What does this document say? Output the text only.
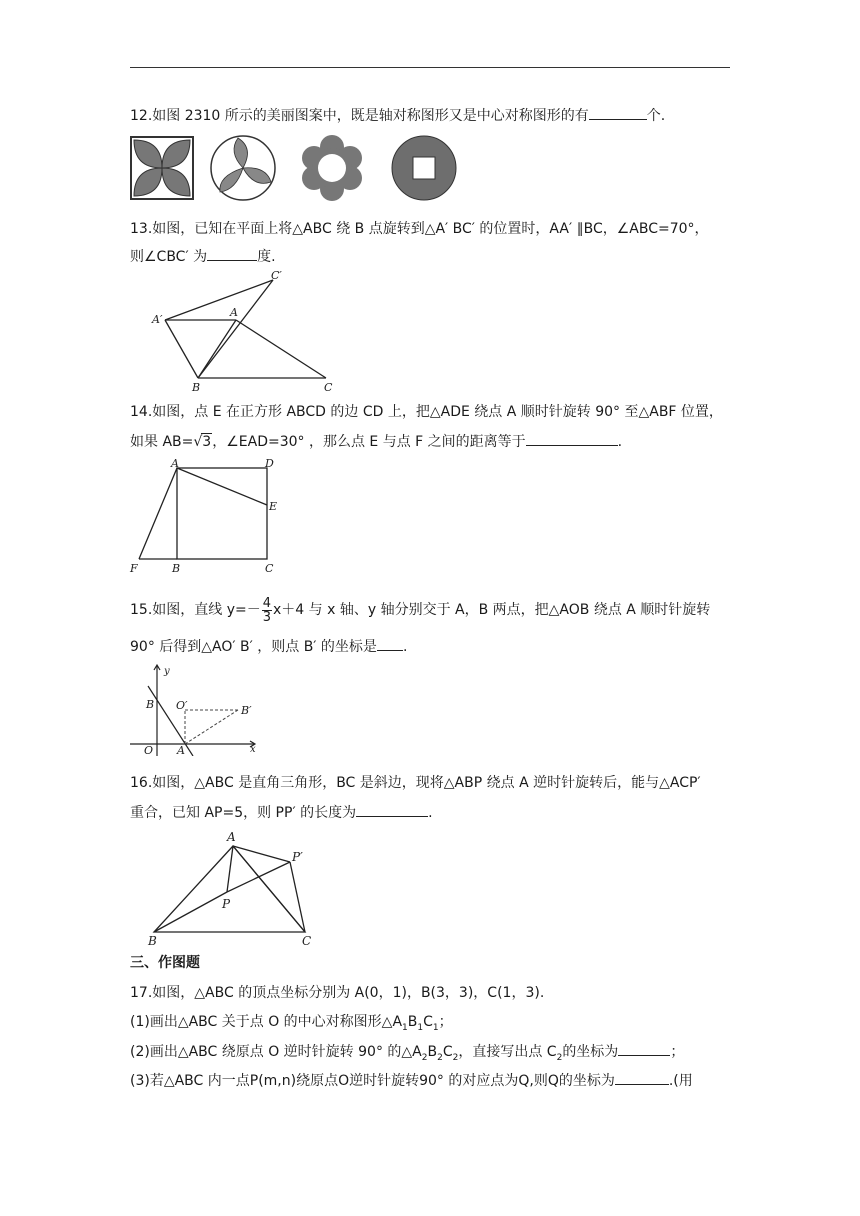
12.如图 2310 所示的美丽图案中，既是轴对称图形又是中心对称图形的有	个.
13.如图，已知在平面上将△ABC 绕 B 点旋转到△A′ BC′ 的位置时，AA′ ∥BC，∠ABC=70°，
则∠CBC′ 为	度.
A′
A
C′
B	C
14.如图，点 E 在正方形 ABCD 的边 CD 上，把△ADE 绕点 A 顺时针旋转 90° 至△ABF 位置，
如果 AB=√3，∠EAD=30° ，那么点 E 与点 F 之间的距离等于	.
A	D
E
F	B	C
15.如图，直线 $y=- \frac{4}{3} x+4$ 与 x 轴、y 轴分别交于 A，B 两点，把△AOB 绕点 A 顺时针旋转
90° 后得到△AO′ B′ ，则点 B′ 的坐标是 .
y
x
B O′	B′
O A
16.如图，△ABC 是直角三角形，BC 是斜边，现将△ABP 绕点 A 逆时针旋转后，能与△ACP′
重合，已知 AP=5，则 PP′ 的长度为	.
A
P′
P
B	C
三、作图题
17.如图，△ABC 的顶点坐标分别为 A(0，1)，B(3，3)，C(1，3).
(1)画出△ABC 关于点 O 的中心对称图形$\triangle A_1B_1C_1$；
(2)画出△ABC 绕原点 O 逆时针旋转 90° 的$\triangle A_2B_2C_2$，直接写出点 $C_2$的坐标为	；
(3)若△ABC 内一点P(m,n)绕原点O逆时针旋转90° 的对应点为Q,则Q的坐标为	.(用
